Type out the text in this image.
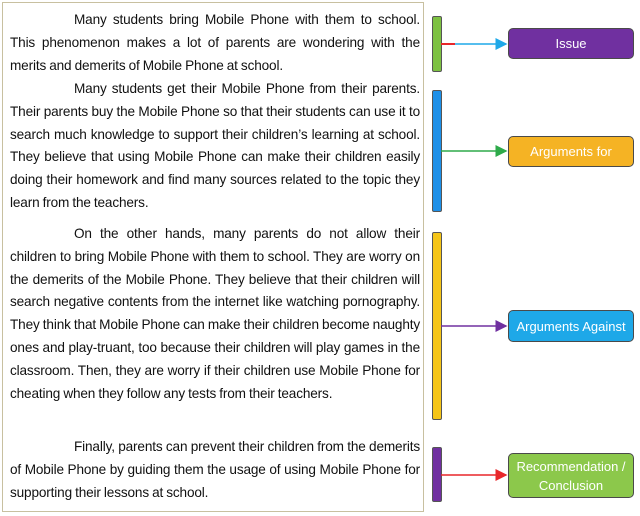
Many students bring Mobile Phone with them to school. This phenomenon makes a lot of parents are wondering with the merits and demerits of Mobile Phone at school.

Many students get their Mobile Phone from their parents. Their parents buy the Mobile Phone so that their students can use it to search much knowledge to support their children’s learning at school. They believe that using Mobile Phone can make their children easily doing their homework and find many sources related to the topic they learn from the teachers.

On the other hands, many parents do not allow their children to bring Mobile Phone with them to school. They are worry on the demerits of the Mobile Phone. They believe that their children will search negative contents from the internet like watching pornography. They think that Mobile Phone can make their children become naughty ones and play-truant, too because their children will play games in the classroom. Then, they are worry if their children use Mobile Phone for cheating when they follow any tests from their teachers.

Finally, parents can prevent their children from the demerits of Mobile Phone by guiding them the usage of using Mobile Phone for supporting their lessons at school.

Issue
Arguments for
Arguments Against
Recommendation / Conclusion
